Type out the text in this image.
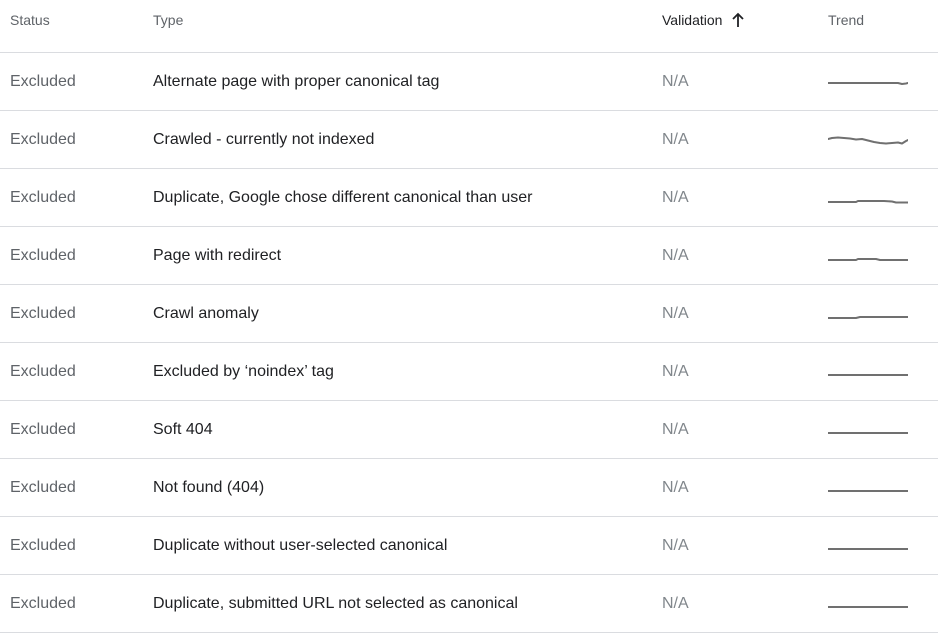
Status	Type	Validation	Trend
Excluded	Alternate page with proper canonical tag	N/A
Excluded	Crawled - currently not indexed	N/A
Excluded	Duplicate, Google chose different canonical than user	N/A
Excluded	Page with redirect	N/A
Excluded	Crawl anomaly	N/A
Excluded	Excluded by ‘noindex’ tag	N/A
Excluded	Soft 404	N/A
Excluded	Not found (404)	N/A
Excluded	Duplicate without user-selected canonical	N/A
Excluded	Duplicate, submitted URL not selected as canonical	N/A
